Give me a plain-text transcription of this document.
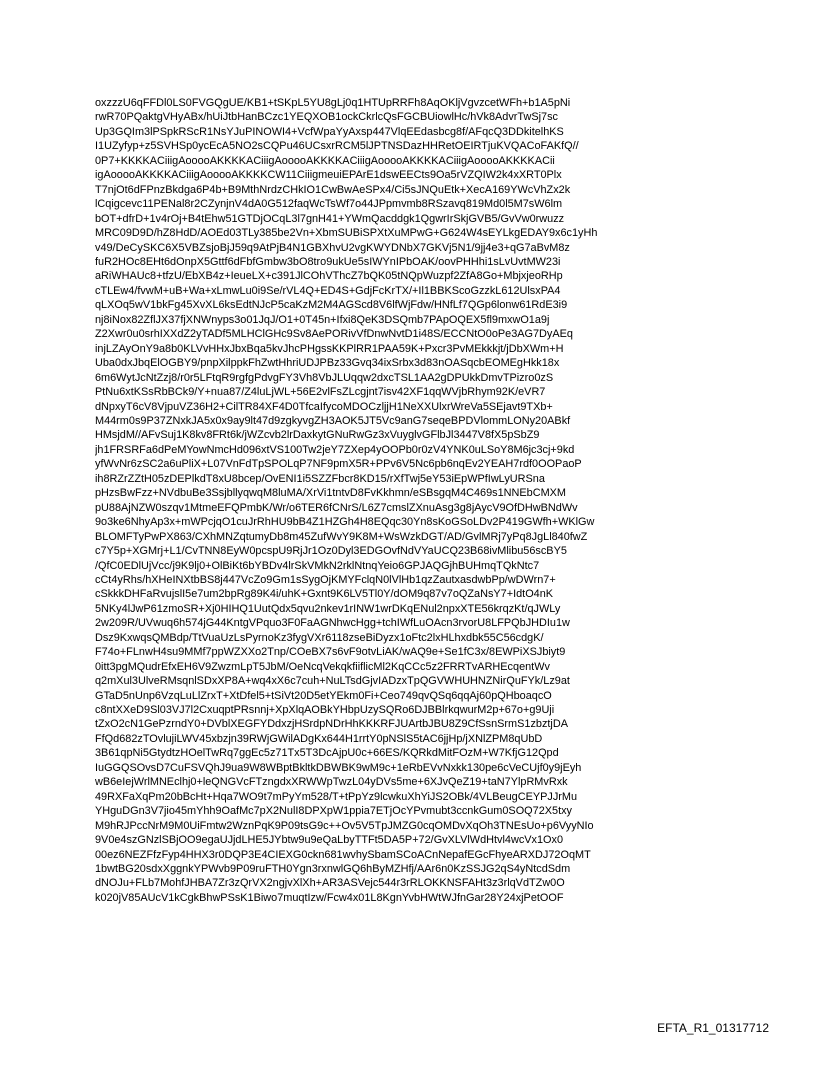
oxzzzU6qFFDl0LS0FVGQgUE/KB1+tSKpL5YU8gLj0q1HTUpRRFh8AqOKljVgvzcetWFh+b1A5pNi
rwR70PQaktgVHyABx/hUiJtbHanBCzc1YEQXOB1ockCkrlcQsFGCBUiowlHc/hVk8AdvrTwSj7sc
Up3GQIm3lPSpkRScR1NsYJuPINOWI4+VcfWpaYyAxsp447VlqEEdasbcg8f/AFqcQ3DDkitelhKS
I1UZyfyp+z5SVHSp0ycEcA5NO2sCQPu46UCsxrRCM5lJPTNSDazHHRetOEIRTjuKVQACoFAKfQ//
0P7+KKKKACiiigAooooAKKKKACiiigAooooAKKKKACiiigAooooAKKKKACiiigAooooAKKKKACii
igAooooAKKKKACiiigAooooAKKKKCW11CiiigmeuiEPArE1dswEECts9Oa5rVZQIW2k4xXRT0Plx
T7njOt6dFPnzBkdga6P4b+B9MthNrdzCHkIO1CwBwAeSPx4/Ci5sJNQuEtk+XecA169YWcVhZx2k
lCqigcevc11PENal8r2CZynjnV4dA0G512faqWcTsWf7o44JPpmvmb8RSzavq819Md0l5M7sW6lm
bOT+dfrD+1v4rOj+B4tEhw51GTDjOCqL3l7gnH41+YWmQacddgk1QgwrIrSkjGVB5/GvVw0rwuzz
MRC09D9D/hZ8HdD/AOEd03TLy385be2Vn+XbmSUBiSPXtXuMPwG+G624W4sEYLkgEDAY9x6c1yHh
v49/DeCySKC6X5VBZsjoBjJ59q9AtPjB4N1GBXhvU2vgKWYDNbX7GKVj5N1/9jj4e3+qG7aBvM8z
fuR2HOc8EHt6dOnpX5Gttf6dFbfGmbw3bO8tro9ukUe5sIWYnIPbOAK/oovPHHhi1sLvUvtMW23i
aRiWHAUc8+tfzU/EbXB4z+IeueLX+c391JlCOhVThcZ7bQK05tNQpWuzpf2ZfA8Go+MbjxjeoRHp
cTLEw4/fvwM+uB+Wa+xLmwLu0i9Se/rVL4Q+ED4S+GdjFcKrTX/+Il1BBKScoGzzkL612UlsxPA4
qLXOq5wV1bkFg45XvXL6ksEdtNJcP5caKzM2M4AGScd8V6lfWjFdw/HNfLf7QGp6lonw61RdE3i9
nj8iNox82ZflJX37fjXNWnyps3o01JqJ/O1+0T45n+Ifxi8QeK3DSQmb7PApOQEX5fl9mxwO1a9j
Z2Xwr0u0srhIXXdZ2yTADf5MLHClGHc9Sv8AePORivVfDnwNvtD1i48S/ECCNtO0oPe3AG7DyAEq
injLZAyOnY9a8b0KLVvHHxJbxBqa5kvJhcPHgssKKPlRR1PAA59K+Pxcr3PvMEkkkjt/jDbXWm+H
Uba0dxJbqElOGBY9/pnpXilppkFhZwtHhriUDJPBz33Gvq34ixSrbx3d83nOASqcbEOMEgHkk18x
6m6WytJcNtZzj8/r0r5LFtqR9rgfgPdvgFY3Vh8VbJLUqqw2dxcTSL1AA2gDPUkkDmvTPizro0zS
PtNu6xtKSsRbBCk9/Y+nua87/Z4luLjWL+56E2vlFsZLcgjnt7isv42XF1qqWVjbRhym92K/eVR7
dNpxyT6cV8VjpuVZ36H2+CilTR84XF4D0TfcaIfycoMDOCzljjH1NeXXUlxrWreVa5SEjavt9TXb+
M44rm0s9P37ZNxkJA5x0x9ay9lt47d9zgkyvgZH3AOK5JT5Vc9anG7seqeBPDVlommLONy20ABkf
HMsjdM//AFvSuj1K8kv8FRt6k/jWZcvb2lrDaxkytGNuRwGz3xVuyglvGFlbJl3447V8fX5pSbZ9
jh1FRSRFa6dPeMYowNmcHd096xtVS100Tw2jeY7ZXep4yOOPb0r0zV4YNK0uLSoY8M6jc3cj+9kd
yfWvNr6zSC2a6uPliX+L07VnFdTpSPOLqP7NF9pmX5R+PPv6V5Nc6pb6nqEv2YEAH7rdf0OOPaoP
ih8RZrZZtH05zDEPlkdT8xU8bcep/OvENI1i5SZZFbcr8KD15/rXfTwj5eY53iEpWPfIwLyURSna
pHzsBwFzz+NVdbuBe3SsjbllyqwqM8luMA/XrVi1tntvD8FvKkhmn/eSBsgqM4C469s1NNEbCMXM
pU88AjNZW0szqv1MtmeEFQPmbK/Wr/o6TER6fCNrS/L6Z7cmslZXnuAsg3g8jAycV9OfDHwBNdWv
9o3ke6NhyAp3x+mWPcjqO1cuJrRhHU9bB4Z1HZGh4H8EQqc30Yn8sKoGSoLDv2P419GWfh+WKlGw
BLOMFTyPwPX863/CXhMNZqtumyDb8m45ZufWvY9K8M+WsWzkDGT/AD/GvlMRj7yPq8JgLl840fwZ
c7Y5p+XGMrj+L1/CvTNN8EyW0pcspU9RjJr1Oz0Dyl3EDGOvfNdVYaUCQ23B68ivMlibu56scBY5
/QfC0EDlUjVcc/j9K9lj0+OlBiKt6bYBDv4lrSkVMkN2rklNtnqYeio6GPJAQGjhBUHmqTQkNtc7
cCt4yRhs/hXHeINXtbBS8j447VcZo9Gm1sSygOjKMYFclqN0lVlHb1qzZautxasdwbPp/wDWrn7+
cSkkkDHFaRvujslI5e7um2bpRg89K4i/uhK+Gxnt9K6LV5Tl0Y/dOM9q87v7oQZaNsY7+IdtO4nK
5NKy4lJwP61zmoSR+Xj0HIHQ1UutQdx5qvu2nkev1rINW1wrDKqENul2npxXTE56krqzKt/qJWLy
2w209R/UVwuq6h574jG44KntgVPquo3F0FaAGNhwcHgg+tchIWfLuOAcn3rvorU8LFPQbJHDIu1w
Dsz9KxwqsQMBdp/TtVuaUzLsPyrnoKz3fygVXr6118zseBiDyzx1oFtc2lxHLhxdbk55C56cdgK/
F74o+FLnwH4su9MMf7ppWZXXo2Tnp/COeBX7s6vF9otvLiAK/wAQ9e+Se1fC3x/8EWPiXSJbiyt9
0itt3pgMQudrEfxEH6V9ZwzmLpT5JbM/OeNcqVekqkfiiflicMl2KqCCc5z2FRRTvARHEcqentWv
q2mXul3UlveRMsqnlSDxXP8A+wq4xX6c7cuh+NuLTsdGjvIADzxTpQGVWHUHNZNirQuFYk/Lz9at
GTaD5nUnp6VzqLuLlZrxT+XtDfel5+tSiVt20D5etYEkm0Fi+Ceo749qvQSq6qqAj60pQHboaqcO
c8ntXXeD9Sl03VJ7l2CxuqptPRsnnj+XpXlqAOBkYHbpUzySQRo6DJBBlrkqwurM2p+67o+g9Uji
tZxO2cN1GePzrndY0+DVblXEGFYDdxzjHSrdpNDrHhKKKRFJUArtbJBU8Z9CfSsnSrmS1zbztjDA
FfQd682zTOvlujiLWV45xbzjn39RWjGWilADgKx644H1rrtY0pNSlS5tAC6jjHp/jXNlZPM8qUbD
3B61qpNi5GtydtzHOelTwRq7ggEc5z71Tx5T3DcAjpU0c+66ES/KQRkdMitFOzM+W7KfjG12Qpd
IuGGQSOvsD7CuFSVQhJ9ua9W8WBptBkltkDBWBK9wM9c+1eRbEVvNxkk130pe6cVeCUjf0y9jEyh
wB6eIejWrlMNEclhj0+leQNGVcFTzngdxXRWWpTwzL04yDVs5me+6XJvQeZ19+taN7YlpRMvRxk
49RXFaXqPm20bBcHt+Hqa7WO9t7mPyYm528/T+tPpYz9lcwkuXhYiJS2OBk/4VLBeugCEYPJJrMu
YHguDGn3V7jio45mYhh9OafMc7pX2NulI8DPXpW1ppia7ETjOcYPvmubt3ccnkGum0SOQ72X5txy
M9hRJPccNrM9M0UiFmtw2WznPqK9P09tsG9c++Ov5V5TpJMZG0cqOMDvXqOh3TNEsUo+p6VyyNIo
9V0e4szGNzlSBjOO9egaUJjdLHE5JYbtw9u9eQaLbyTTFt5DA5P+72/GvXLVlWdHtvl4wcVx1Ox0
00ez6NEZFfzFyp4HHX3r0DQP3E4CIEXG0ckn681wvhySbamSCoACnNepafEGcFhyeARXDJ72OqMT
1bwtBG20sdxXggnkYPWvb9P09ruFTH0Ygn3rxnwlGQ6hByMZHfj/AAr6n0KzSSJG2qS4yNtcdSdm
dNOJu+FLb7MohfJHBA7Zr3zQrVX2ngjvXlXh+AR3ASVejc544r3rRLOKKNSFAHt3z3rlqVdTZw0O
k020jV85AUcV1kCgkBhwPSsK1Biwo7muqtIzw/Fcw4x01L8KgnYvbHWtWJfnGar28Y24xjPetOOF
EFTA_R1_01317712
